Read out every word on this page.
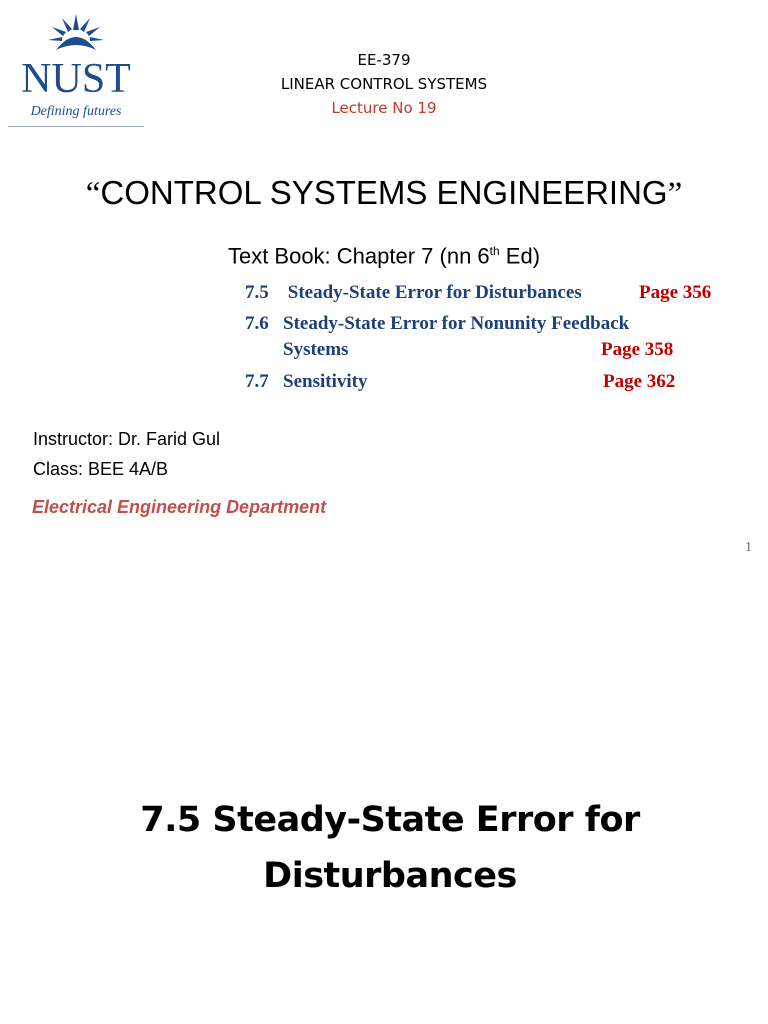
NUST
Defining futures
EE-379
LINEAR CONTROL SYSTEMS
Lecture No 19
“CONTROL SYSTEMS ENGINEERING”
Text Book: Chapter 7 (nn 6th Ed)
7.5 Steady-State Error for Disturbances	Page 356
7.6 Steady-State Error for Nonunity Feedback
Systems	Page 358
7.7 Sensitivity	Page 362
Instructor: Dr. Farid Gul
Class: BEE 4A/B
Electrical Engineering Department
1
7.5 Steady-State Error for
Disturbances
